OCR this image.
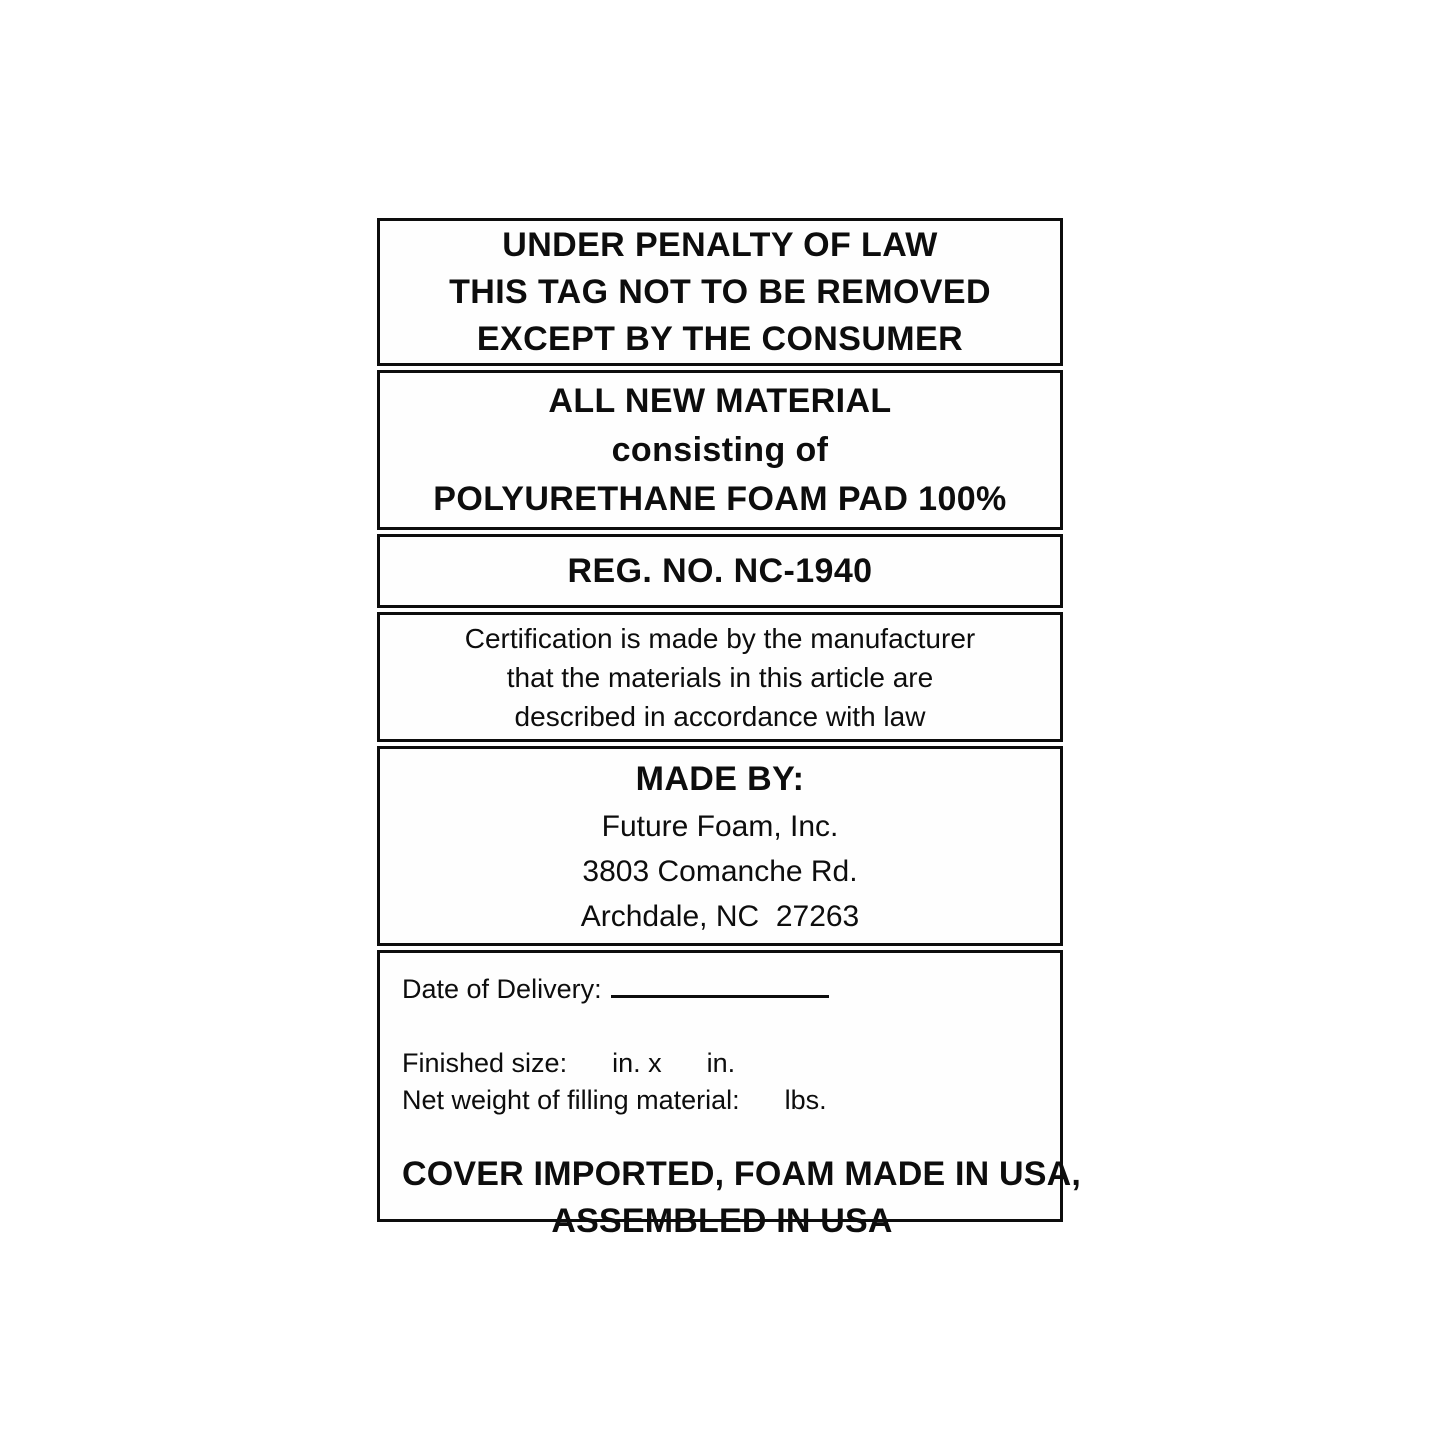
UNDER PENALTY OF LAW
THIS TAG NOT TO BE REMOVED
EXCEPT BY THE CONSUMER
ALL NEW MATERIAL
consisting of
POLYURETHANE FOAM PAD 100%
REG. NO. NC-1940
Certification is made by the manufacturer
that the materials in this article are
described in accordance with law
MADE BY:
Future Foam, Inc.
3803 Comanche Rd.
Archdale, NC  27263
Date of Delivery:

Finished size:      in. x      in.
Net weight of filling material:      lbs.
COVER IMPORTED, FOAM MADE IN USA,
ASSEMBLED IN USA
